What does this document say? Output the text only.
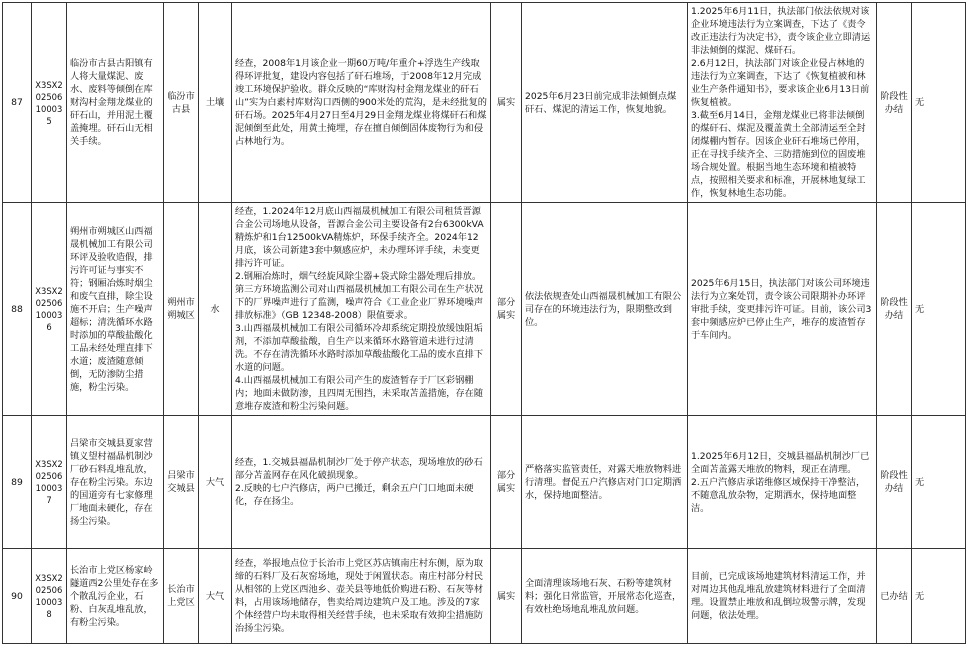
87	X3SX202506100035	临汾市古县古阳镇有人将大量煤泥、废水、废料等倾倒在库财沟村金翔龙煤业的矸石山，并用泥土覆盖掩埋。矸石山无相关手续。	临汾市古县	土壤	经查，2008年1月该企业一期60万吨/年重介+浮选生产线取得环评批复，建设内容包括了矸石堆场，于2008年12月完成竣工环境保护验收。群众反映的“库财沟村金翔龙煤业的矸石山”实为白素村库财沟口西侧的900米处的荒沟，是未经批复的矸石场。2025年4月27日至4月29日金翔龙煤业将煤矸石和煤泥倾倒至此处，用黄土掩埋，存在擅自倾倒固体废物行为和侵占林地行为。	属实	2025年6月23日前完成非法倾倒点煤矸石、煤泥的清运工作，恢复地貌。	1.2025年6月11日，执法部门依法依规对该企业环境违法行为立案调查，下达了《责令改正违法行为决定书》，责令该企业立即清运非法倾倒的煤泥、煤矸石。
2.6月12日，执法部门对该企业侵占林地的违法行为立案调查，下达了《恢复植被和林业生产条件通知书》，要求该企业6月13日前恢复植被。
3.截至6月14日，金翔龙煤业已将非法倾倒的煤矸石、煤泥及覆盖黄土全部清运至全封闭煤棚内暂存。因该企业矸石堆场已停用，正在寻找手续齐全、三防措施到位的固废堆场合规处置。根据当地生态环境和植被特点，按照相关要求和标准，开展林地复绿工作，恢复林地生态功能。	阶段性办结	无
88	X3SX202506100036	朔州市朔城区山西福晟机械加工有限公司环评及验收造假，排污许可证与事实不符；钢厢冶炼时烟尘和废气直排，除尘设施不开启；生产噪声超标；清洗循环水路时添加的草酸盐酸化工品未经处理直排下水道；废渣随意倾倒，无防渗防尘措施，粉尘污染。	朔州市朔城区	水	经查，1.2024年12月底山西福晟机械加工有限公司租赁晋源合金公司场地从设备，晋源合金公司主要设备有2台6300kVA精炼炉和1台12500kVA精炼炉，环保手续齐全。2024年12月底，该公司新建3套中频感应炉，未办理环评手续，未变更排污许可证。
2.钢厢冶炼时，烟气经旋风除尘器+袋式除尘器处理后排放。第三方环境监测公司对山西福晟机械加工有限公司在生产状况下的厂界噪声进行了监测，噪声符合《工业企业厂界环境噪声排放标准》（GB 12348-2008）限值要求。
3.山西福晟机械加工有限公司循环冷却系统定期投放缓蚀阻垢剂，不添加草酸盐酸，自生产以来循环水路管道未进行过清洗。不存在清洗循环水路时添加草酸盐酸化工品的废水直排下水道的问题。
4.山西福晟机械加工有限公司产生的废渣暂存于厂区彩钢棚内；地面未做防渗，且四周无围挡，未采取苫盖措施，存在随意堆存废渣和粉尘污染问题。	部分属实	依法依规查处山西福晟机械加工有限公司存在的环境违法行为，限期整改到位。	2025年6月15日，执法部门对该公司环境违法行为立案处罚，责令该公司限期补办环评审批手续，变更排污许可证。目前，该公司3套中频感应炉已停止生产，堆存的废渣暂存于车间内。	阶段性办结	无
89	X3SX202506100037	吕梁市交城县夏家营镇义望村福晶机制沙厂砂石料乱堆乱放，存在粉尘污染。东边的国道旁有七家修理厂地面未硬化，存在扬尘污染。	吕梁市交城县	大气	经查，1.交城县福晶机制沙厂处于停产状态，现场堆放的砂石部分苫盖网存在风化破损现象。
2.反映的七户汽修店，两户已搬迁，剩余五户门口地面未硬化，存在扬尘。	部分属实	严格落实监管责任，对露天堆放物料进行清理。督促五户汽修店对门口定期洒水，保持地面整洁。	1.2025年6月12日，交城县福晶机制沙厂已全面苫盖露天堆放的物料，现正在清理。
2.五户汽修店承诺维修区域保持干净整洁，不随意乱放杂物，定期洒水，保持地面整洁。	阶段性办结	无
90	X3SX202506100038	长治市上党区杨家岭隧道西2公里处存在多个散乱污企业，石粉、白灰乱堆乱放，有粉尘污染。	长治市上党区	大气	经查，举报地点位于长治市上党区苏店镇南庄村东侧，原为取缔的石料厂及石灰窑场地，现处于闲置状态。南庄村部分村民从相邻的上党区西池乡、壶关县等地低价购进石粉、石灰等材料，占用该场地储存，售卖给周边建筑户及工地。涉及的7家个体经营户均未取得相关经营手续，也未采取有效抑尘措施防治扬尘污染。	属实	全面清理该场地石灰、石粉等建筑材料；强化日常监管，开展常态化巡查，有效杜绝场地乱堆乱放问题。	目前，已完成该场地建筑材料清运工作，并对周边其他乱堆乱放建筑材料进行了全面清理。设置禁止堆放和乱倒垃圾警示牌，发现问题，依法处理。	已办结	无
